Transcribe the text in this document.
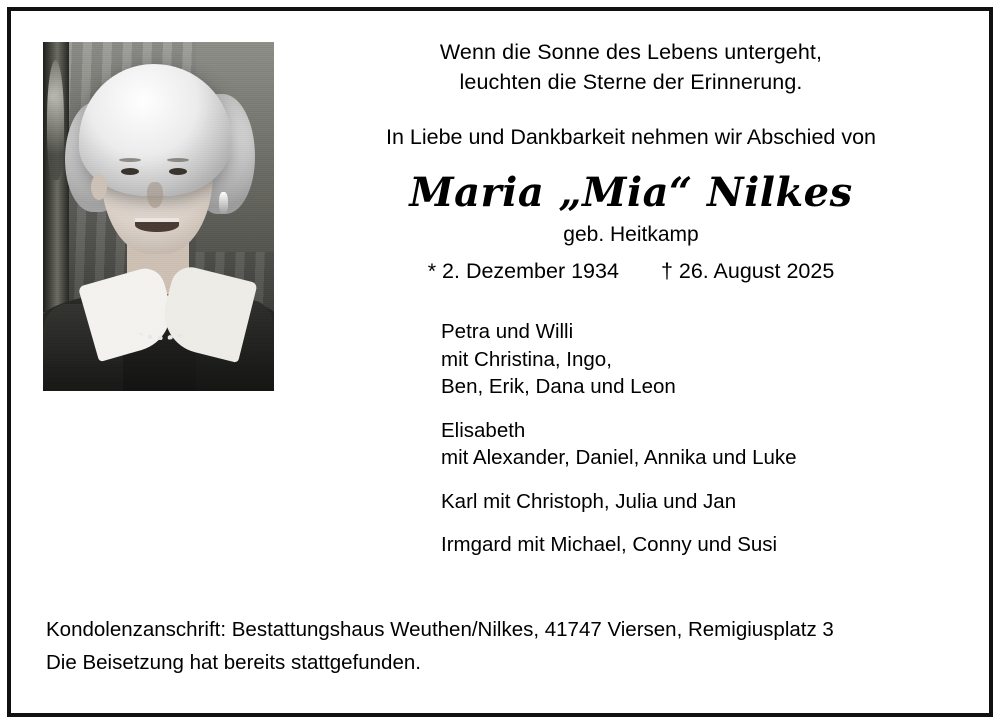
Wenn die Sonne des Lebens untergeht,
leuchten die Sterne der Erinnerung.
In Liebe und Dankbarkeit nehmen wir Abschied von
Maria „Mia“ Nilkes
geb. Heitkamp
* 2. Dezember 1934 † 26. August 2025
Petra und Willi
mit Christina, Ingo,
Ben, Erik, Dana und Leon
Elisabeth
mit Alexander, Daniel, Annika und Luke
Karl mit Christoph, Julia und Jan
Irmgard mit Michael, Conny und Susi
Kondolenzanschrift: Bestattungshaus Weuthen/Nilkes, 41747 Viersen, Remigiusplatz 3
Die Beisetzung hat bereits stattgefunden.
